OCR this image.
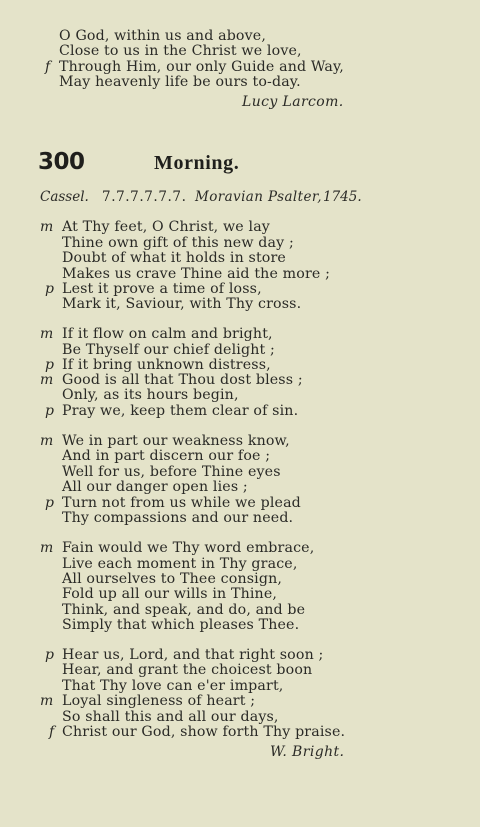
f
O God, within us and above,
Close to us in the Christ we love,
Through Him, our only Guide and Way,
May heavenly life be ours to-day.
Lucy Larcom.
300	Morning.
Cassel. 7.7.7.7.7.7. Moravian Psalter, 1745.
m At Thy feet, O Christ, we lay
Thine own gift of this new day ;
Doubt of what it holds in store
Makes us crave Thine aid the more ;
p Lest it prove a time of loss,
Mark it, Saviour, with Thy cross.
m If it flow on calm and bright,
Be Thyself our chief delight ;
p If it bring unknown distress,
m Good is all that Thou dost bless ;
Only, as its hours begin,
p Pray we, keep them clear of sin.
m We in part our weakness know,
And in part discern our foe ;
Well for us, before Thine eyes
All our danger open lies ;
p Turn not from us while we plead
Thy compassions and our need.
m Fain would we Thy word embrace,
Live each moment in Thy grace,
All ourselves to Thee consign,
Fold up all our wills in Thine,
Think, and speak, and do, and be
Simply that which pleases Thee.
p Hear us, Lord, and that right soon ;
Hear, and grant the choicest boon
That Thy love can e'er impart,
m Loyal singleness of heart ;
So shall this and all our days,
f Christ our God, show forth Thy praise.
W. Bright.
